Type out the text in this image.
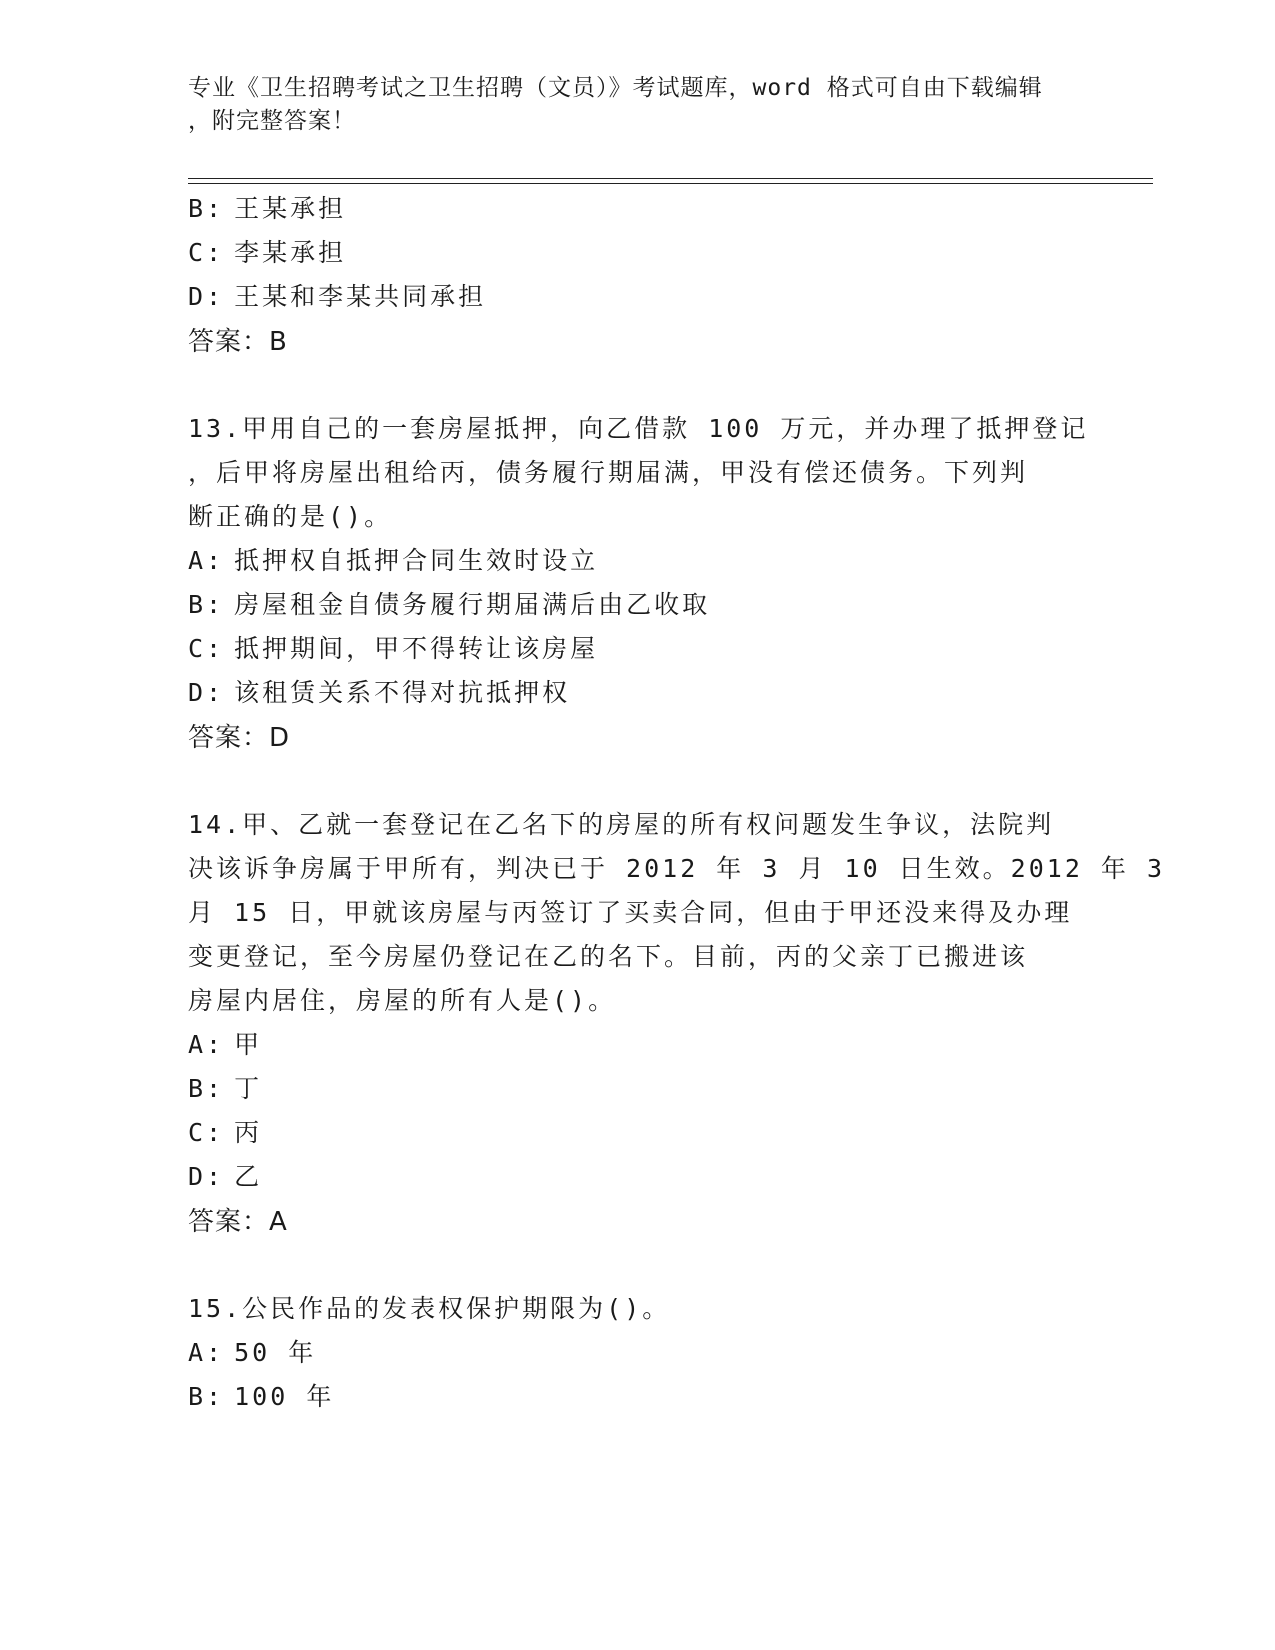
专业《卫生招聘考试之卫生招聘（文员）》考试题库，word 格式可自由下载编辑
，附完整答案！
B: 王某承担
C: 李某承担
D: 王某和李某共同承担
答案：B
13.甲用自己的一套房屋抵押，向乙借款 100 万元，并办理了抵押登记
，后甲将房屋出租给丙，债务履行期届满，甲没有偿还债务。下列判
断正确的是()。
A: 抵押权自抵押合同生效时设立
B: 房屋租金自债务履行期届满后由乙收取
C: 抵押期间，甲不得转让该房屋
D: 该租赁关系不得对抗抵押权
答案：D
14.甲、乙就一套登记在乙名下的房屋的所有权问题发生争议，法院判
决该诉争房属于甲所有，判决已于 2012 年 3 月 10 日生效。2012 年 3
月 15 日，甲就该房屋与丙签订了买卖合同，但由于甲还没来得及办理
变更登记，至今房屋仍登记在乙的名下。目前，丙的父亲丁已搬进该
房屋内居住，房屋的所有人是()。
A: 甲
B: 丁
C: 丙
D: 乙
答案：A
15.公民作品的发表权保护期限为()。
A: 50 年
B: 100 年
